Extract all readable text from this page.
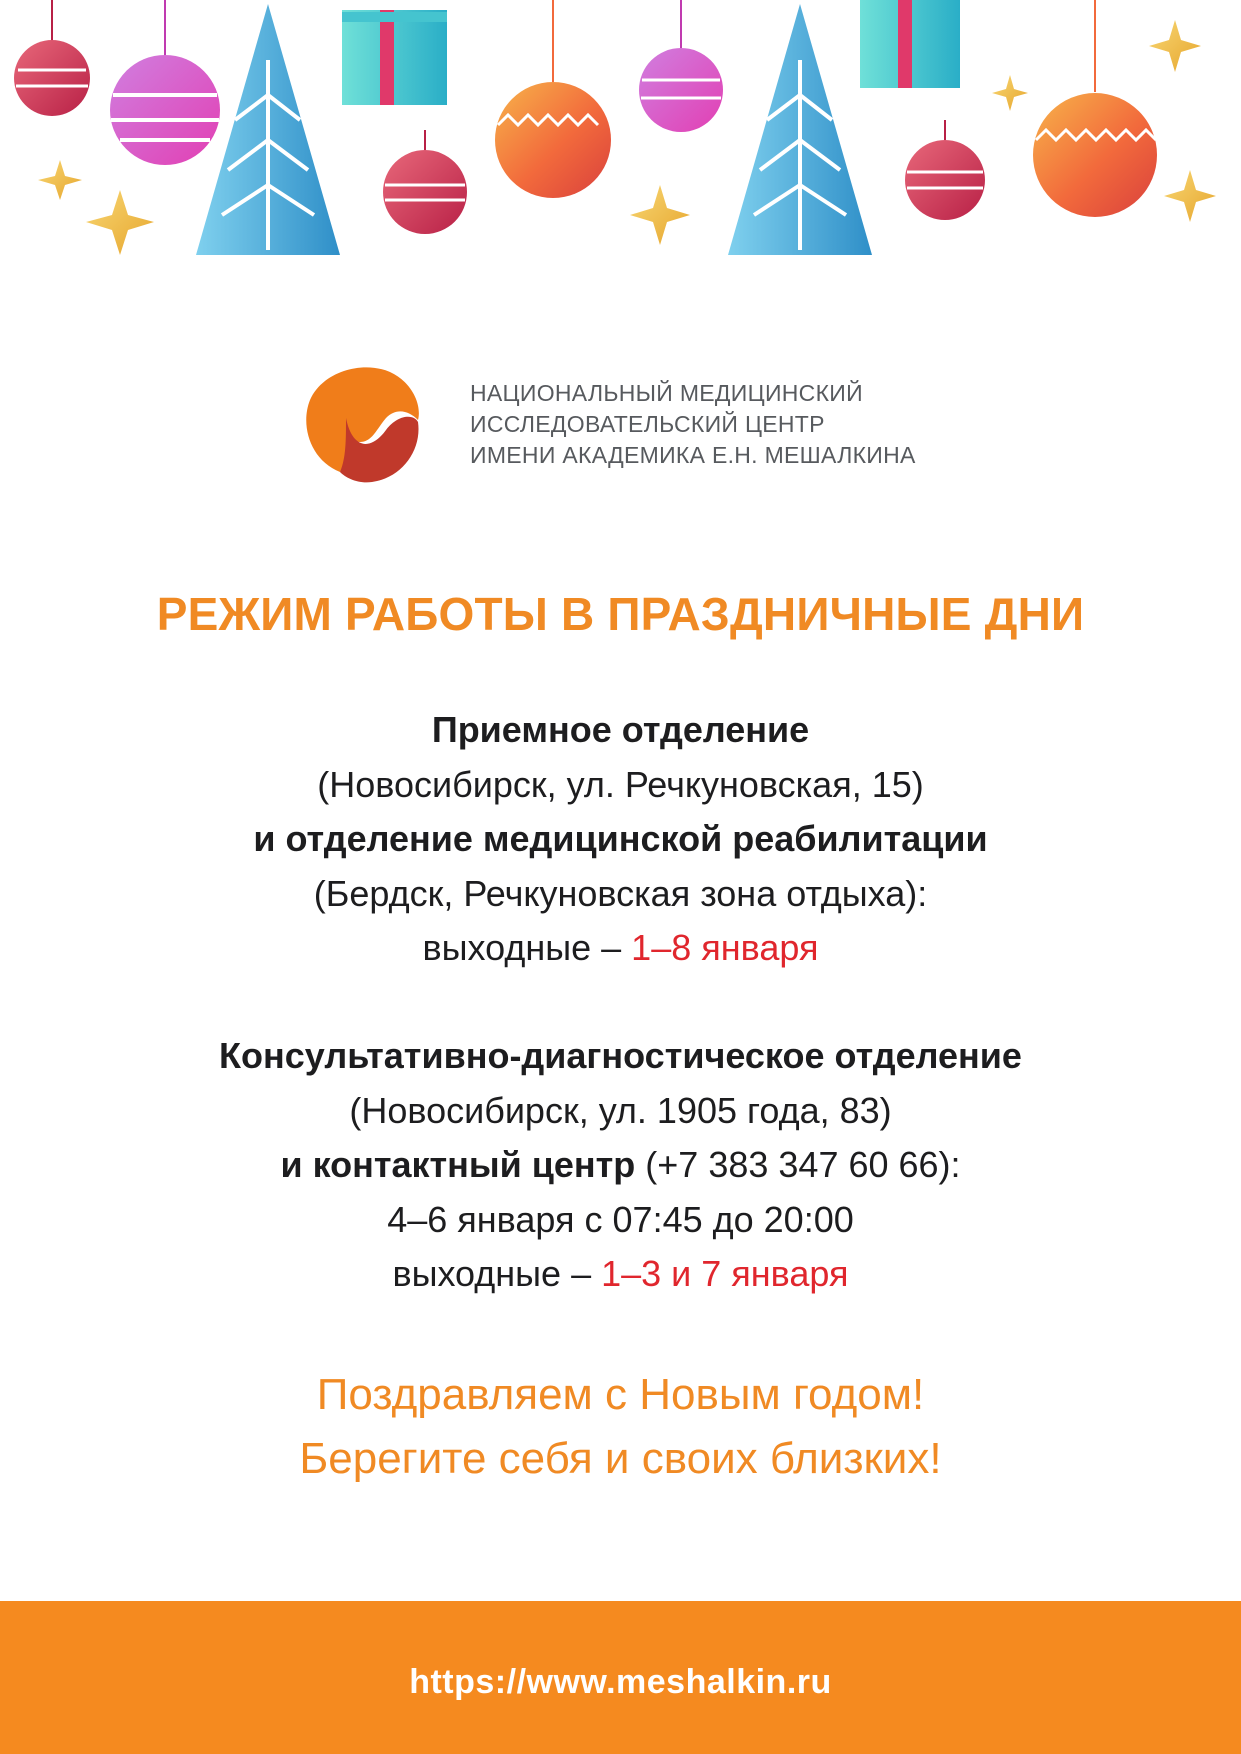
НАЦИОНАЛЬНЫЙ МЕДИЦИНСКИЙ
ИССЛЕДОВАТЕЛЬСКИЙ ЦЕНТР
ИМЕНИ АКАДЕМИКА Е.Н. МЕШАЛКИНА
РЕЖИМ РАБОТЫ В ПРАЗДНИЧНЫЕ ДНИ
Приемное отделение
(Новосибирск, ул. Речкуновская, 15)
и отделение медицинской реабилитации
(Бердск, Речкуновская зона отдыха):
выходные – 1–8 января
Консультативно-диагностическое отделение
(Новосибирск, ул. 1905 года, 83)
и контактный центр (+7 383 347 60 66):
4–6 января с 07:45 до 20:00
выходные – 1–3 и 7 января
Поздравляем с Новым годом!
Берегите себя и своих близких!
https://www.meshalkin.ru
